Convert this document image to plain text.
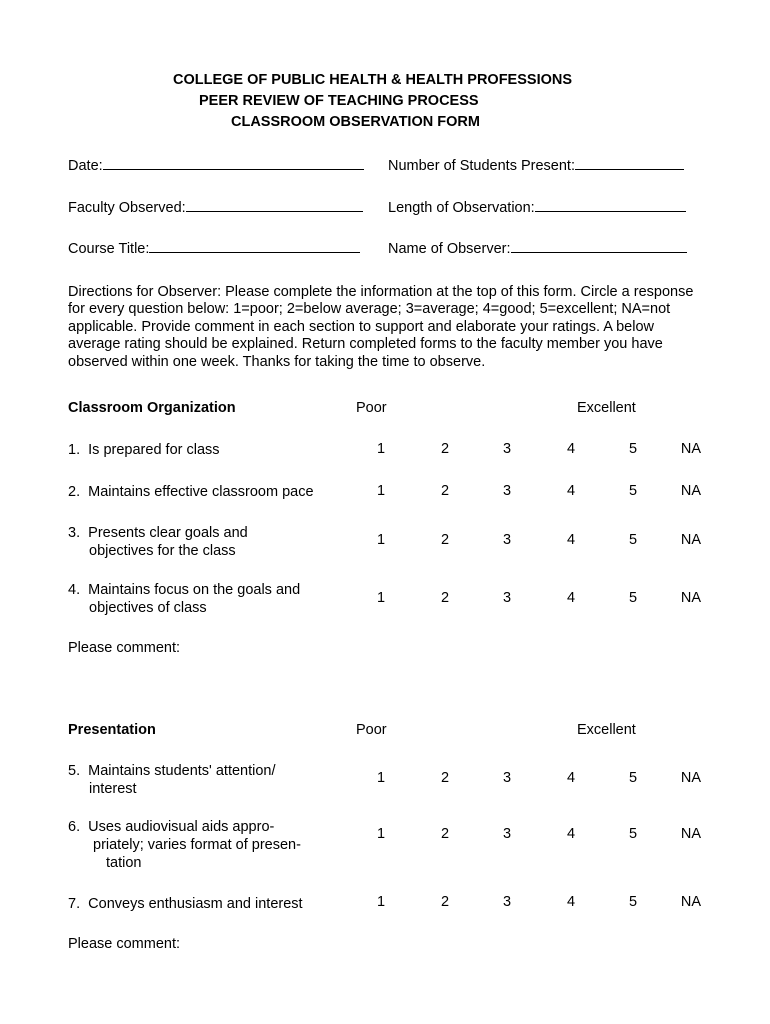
COLLEGE OF PUBLIC HEALTH & HEALTH PROFESSIONS
PEER REVIEW OF TEACHING PROCESS
CLASSROOM OBSERVATION FORM
Date:	Number of Students Present:
Faculty Observed:	Length of Observation:
Course Title:	Name of Observer:
Directions for Observer: Please complete the information at the top of this form. Circle a response for every question below: 1=poor; 2=below average; 3=average; 4=good; 5=excellent; NA=not applicable. Provide comment in each section to support and elaborate your ratings. A below average rating should be explained. Return completed forms to the faculty member you have observed within one week. Thanks for taking the time to observe.
Classroom Organization	Poor	Excellent
1. Is prepared for class	1	2	3	4	5	NA
2. Maintains effective classroom pace	1	2	3	4	5	NA
3. Presents clear goals and
objectives for the class
1	2	3	4	5	NA
4. Maintains focus on the goals and
objectives of class
1	2	3	4	5	NA
Please comment:
Presentation	Poor	Excellent
5. Maintains students' attention/
interest
1	2	3	4	5	NA
6. Uses audiovisual aids appro-
priately; varies format of presen-
tation
1	2	3	4	5	NA
7. Conveys enthusiasm and interest	1	2	3	4	5	NA
Please comment:
